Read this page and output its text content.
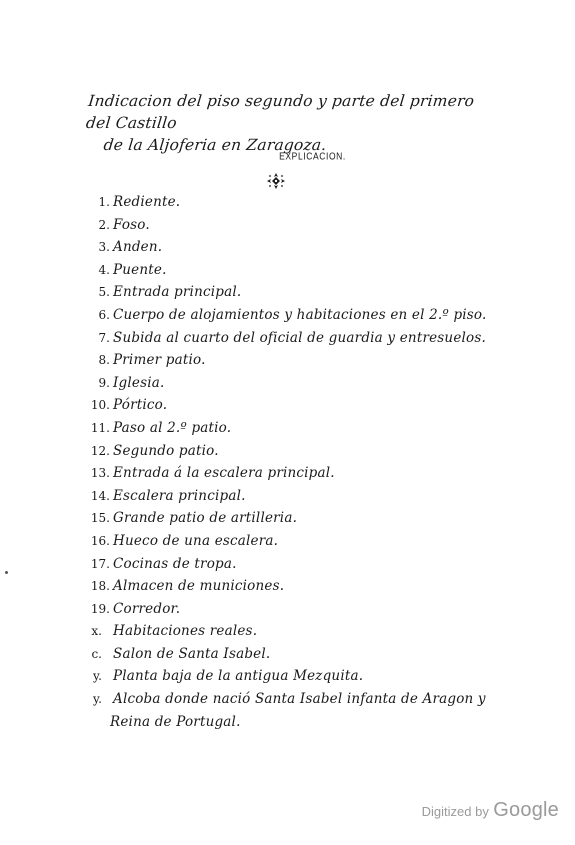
Indicacion del piso segundo y parte del primero del Castillo
de la Aljoferia en Zaragoza.
EXPLICACION.
1. Rediente.
2. Foso.
3. Anden.
4. Puente.
5. Entrada principal.
6. Cuerpo de alojamientos y habitaciones en el 2.º piso.
7. Subida al cuarto del oficial de guardia y entresuelos.
8. Primer patio.
9. Iglesia.
10. Pórtico.
11. Paso al 2.º patio.
12. Segundo patio.
13. Entrada á la escalera principal.
14. Escalera principal.
15. Grande patio de artilleria.
16. Hueco de una escalera.
17. Cocinas de tropa.
18. Almacen de municiones.
19. Corredor.
x. Habitaciones reales.
c. Salon de Santa Isabel.
y. Planta baja de la antigua Mezquita.
y. Alcoba donde nació Santa Isabel infanta de Aragon y
Reina de Portugal.
Digitized by Google
